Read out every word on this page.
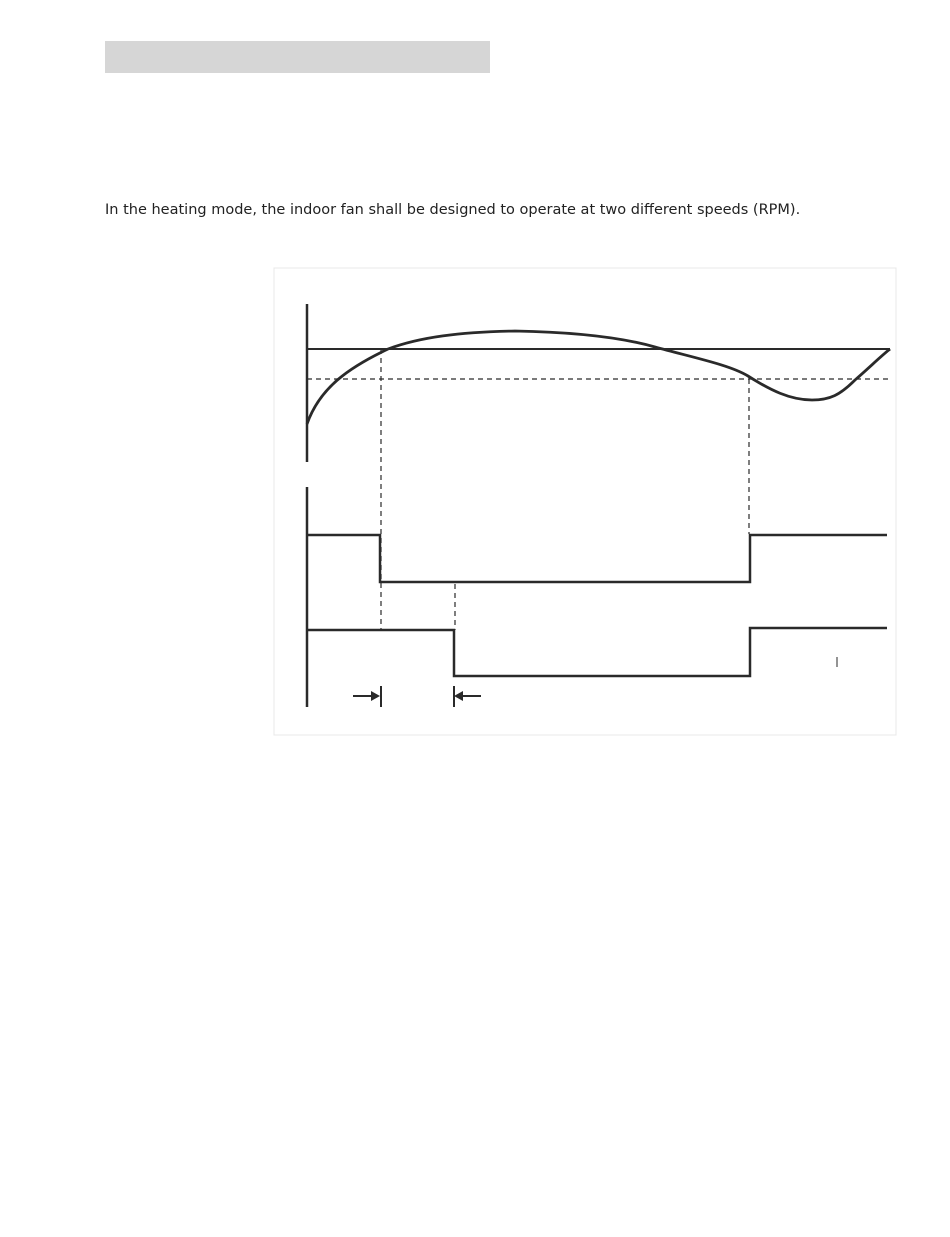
In the heating mode, the indoor fan shall be designed to operate at two different speeds (RPM).
